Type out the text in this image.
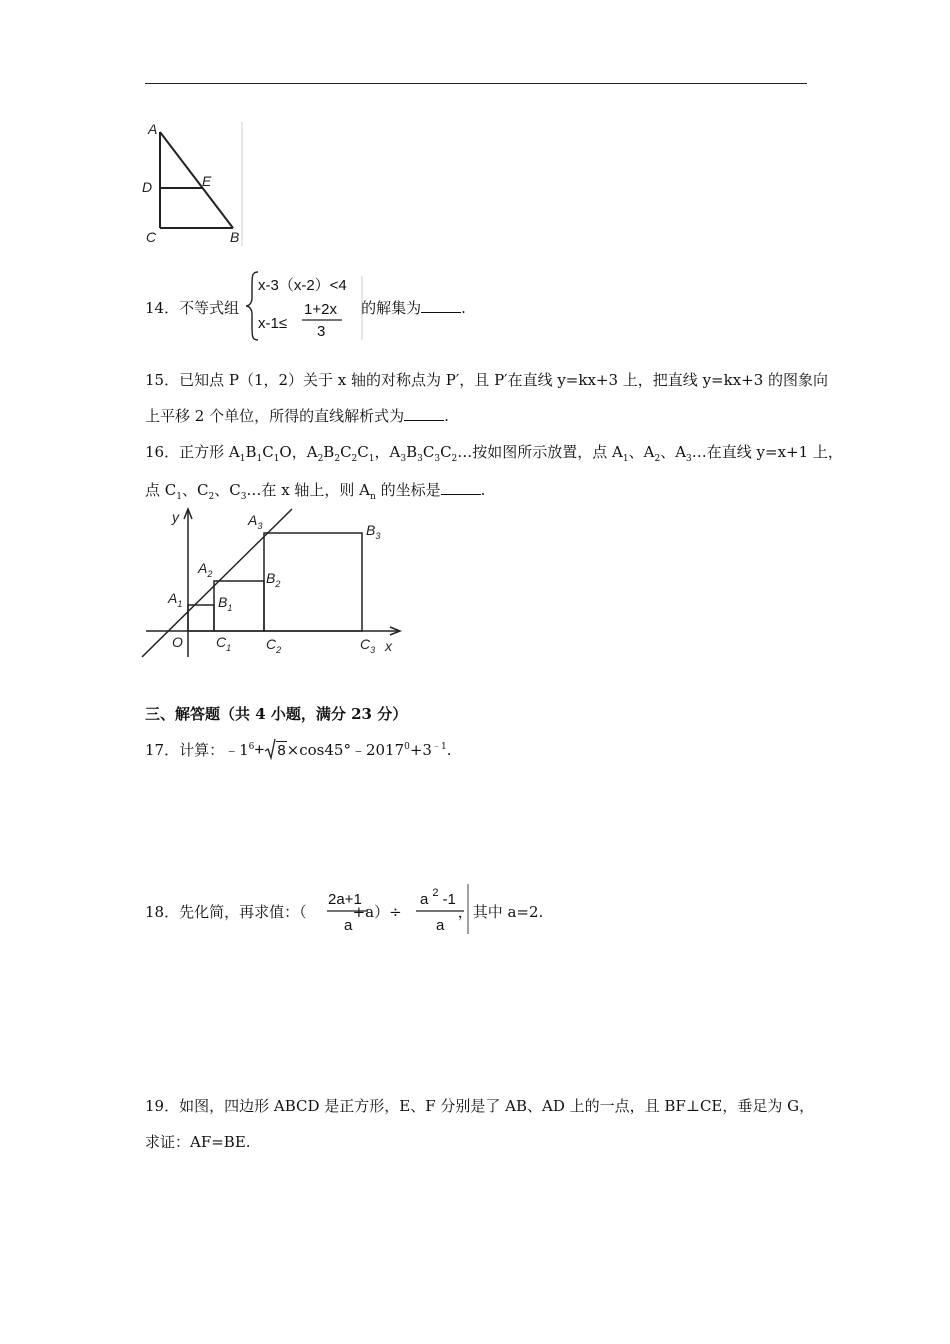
A
D	E
C	B
14．不等式组	的解集为	.
x-3（x-2）<4
x-1≤
1+2x
3
15．已知点 P（1，2）关于 x 轴的对称点为 P′，且 P′在直线 y=kx+3 上，把直线 y=kx+3 的图象向
上平移 2 个单位，所得的直线解析式为	.
16．正方形 $A_1B_1C_1O$，$A_2B_2C_2C_1$，$A_3B_3C_3C_2\dots$按如图所示放置，点 $A_1$、$A_2$、$A_3\dots$在直线 y=x+1 上，
点 $C_1$、$C_2$、$C_3\dots$在 x 轴上，则 $A_n$ 的坐标是	.
y
x
O
$A_1$
$A_2$
$A_3$
$B_1$
$B_2$
$B_3$
$C_1$ $C_2$	$C_3$
三、解答题（共 4 小题，满分 23 分）
17．计算：$﹣1^6+$ $8\times\cos 45^\circ﹣2017^0+3^{﹣1}$.
18．先化简，再求值：（	+a）÷	，其中 a=2.
2a+1
a
a $^2$ -1
a
19．如图，四边形 ABCD 是正方形，E、F 分别是了 AB、AD 上的一点，且 BF⊥CE，垂足为 G，
求证：AF=BE.
